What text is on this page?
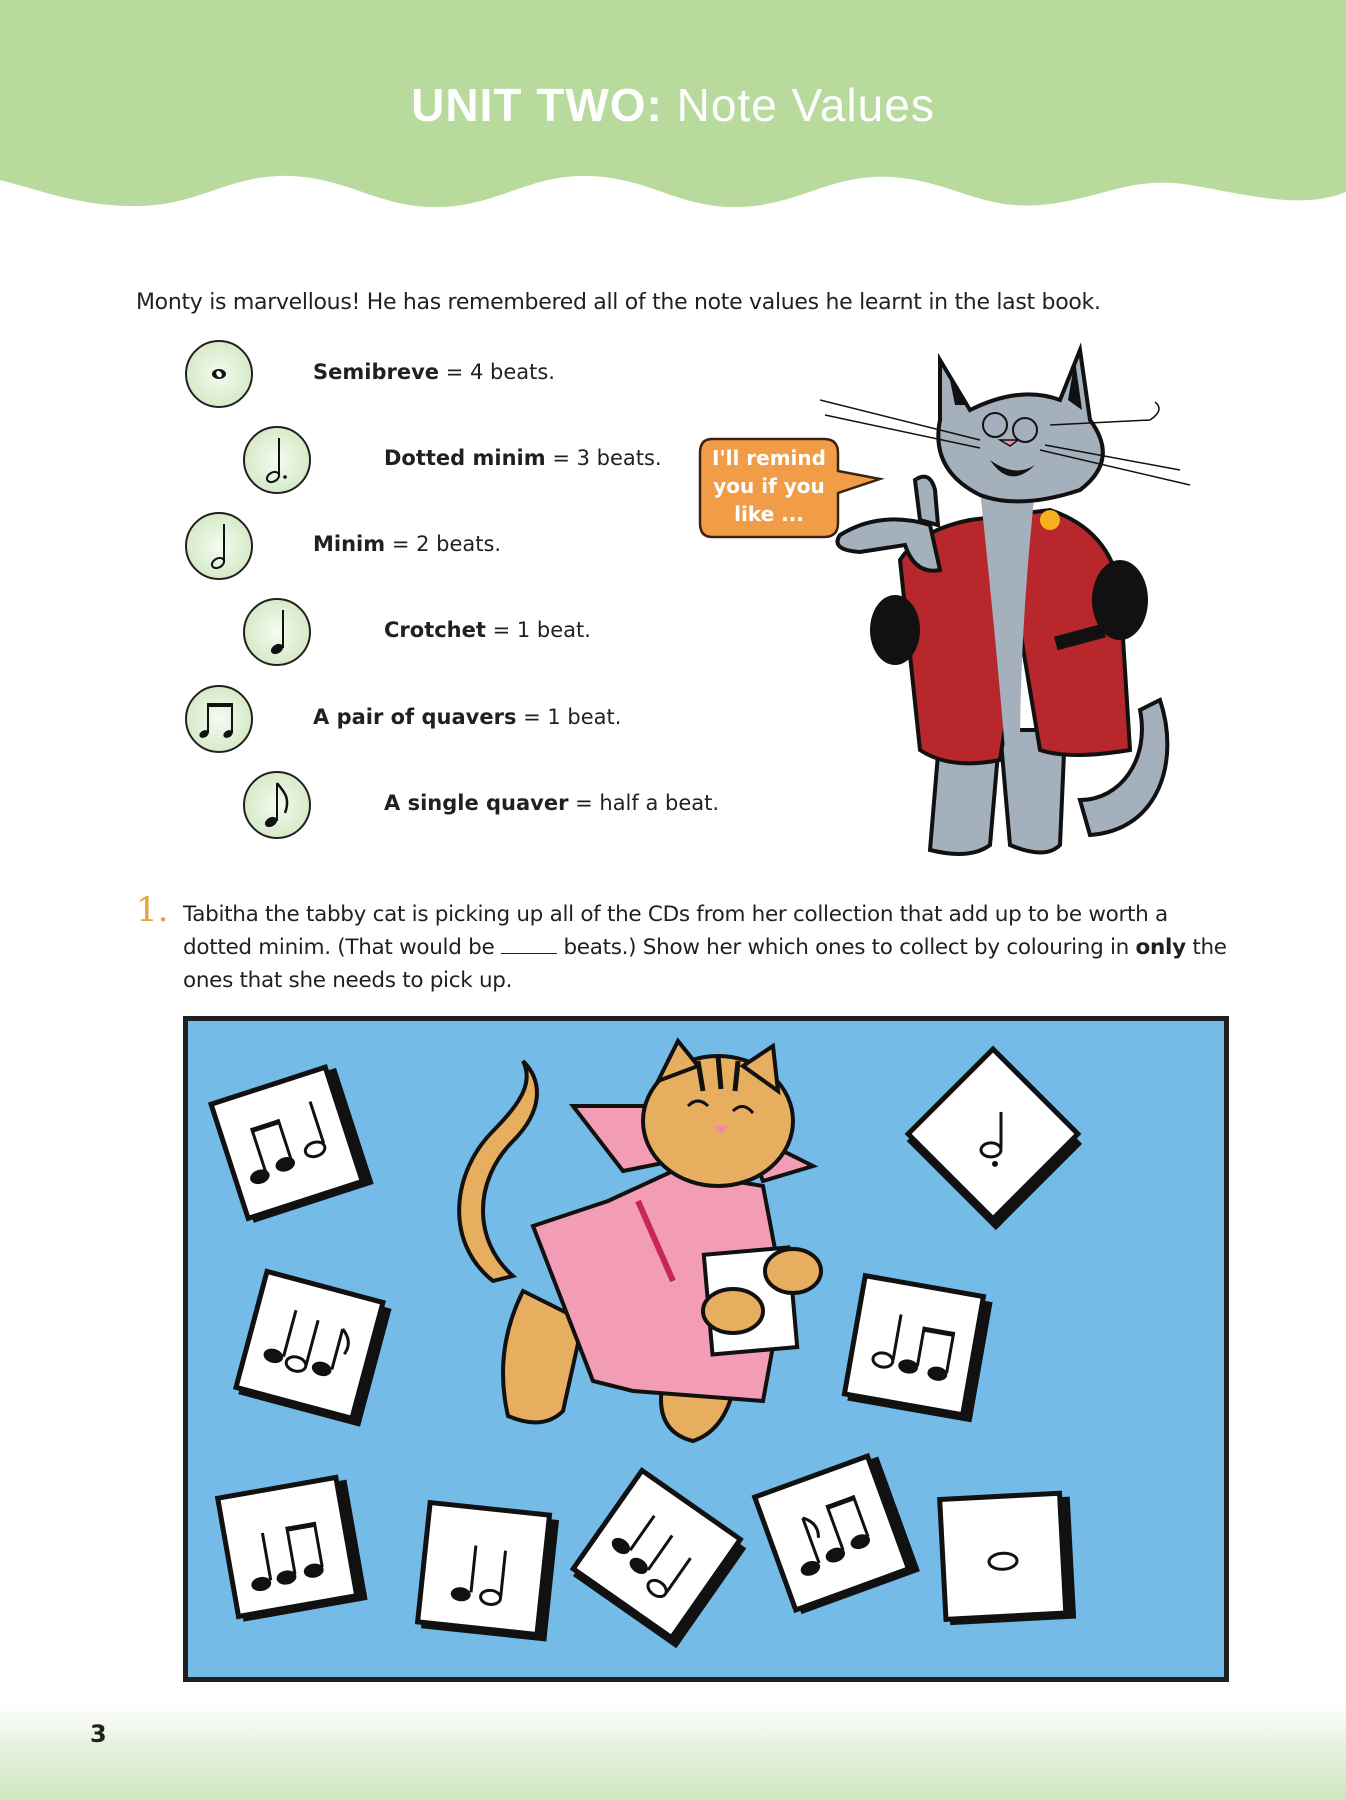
UNIT TWO: Note Values
Monty is marvellous! He has remembered all of the note values he learnt in the last book.
Semibreve = 4 beats.
Dotted minim = 3 beats.
Minim = 2 beats.
Crotchet = 1 beat.
A pair of quavers = 1 beat.
A single quaver = half a beat.
I'll remind
you if you
like ...
1. Tabitha the tabby cat is picking up all of the CDs from her collection that add up to be worth a dotted minim. (That would be	beats.) Show her which ones to collect by colouring in only the ones that she needs to pick up.
3
